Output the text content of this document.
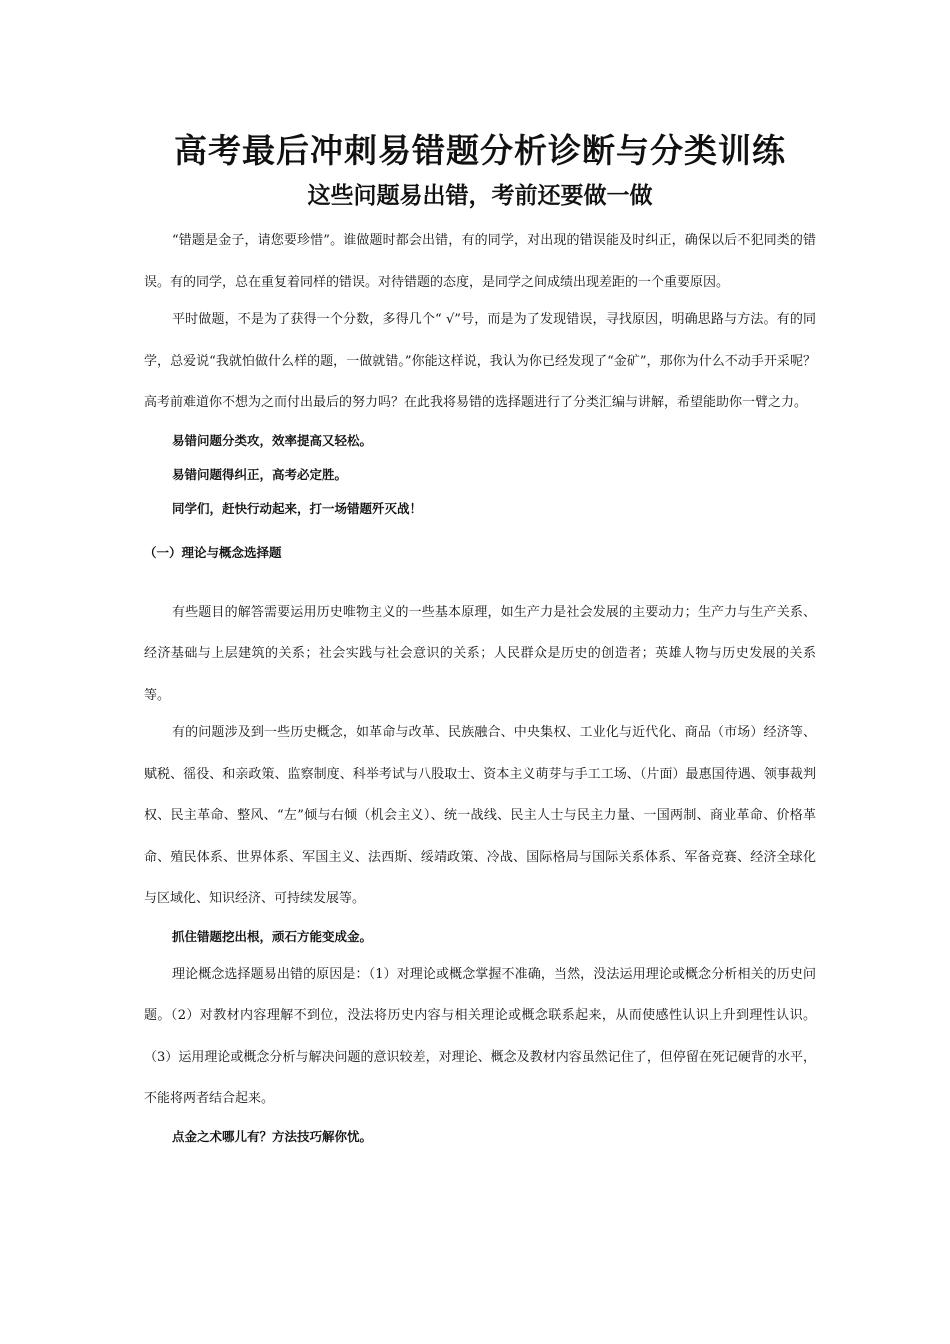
高考最后冲刺易错题分析诊断与分类训练
这些问题易出错，考前还要做一做

“错题是金子，请您要珍惜”。谁做题时都会出错，有的同学，对出现的错误能及时纠正，确保以后不犯同类的错误。有的同学，总在重复着同样的错误。对待错题的态度，是同学之间成绩出现差距的一个重要原因。

平时做题，不是为了获得一个分数，多得几个“ √”号，而是为了发现错误，寻找原因，明确思路与方法。有的同学，总爱说“我就怕做什么样的题，一做就错。”你能这样说，我认为你已经发现了“金矿”，那你为什么不动手开采呢？高考前难道你不想为之而付出最后的努力吗？在此我将易错的选择题进行了分类汇编与讲解，希望能助你一臂之力。

易错问题分类攻，效率提高又轻松。

易错问题得纠正，高考必定胜。

同学们，赶快行动起来，打一场错题歼灭战！

（一）理论与概念选择题

有些题目的解答需要运用历史唯物主义的一些基本原理，如生产力是社会发展的主要动力；生产力与生产关系、经济基础与上层建筑的关系；社会实践与社会意识的关系；人民群众是历史的创造者；英雄人物与历史发展的关系等。

有的问题涉及到一些历史概念，如革命与改革、民族融合、中央集权、工业化与近代化、商品（市场）经济等、赋税、徭役、和亲政策、监察制度、科举考试与八股取士、资本主义萌芽与手工工场、（片面）最惠国待遇、领事裁判权、民主革命、整风、“左”倾与右倾（机会主义）、统一战线、民主人士与民主力量、一国两制、商业革命、价格革命、殖民体系、世界体系、军国主义、法西斯、绥靖政策、冷战、国际格局与国际关系体系、军备竞赛、经济全球化与区域化、知识经济、可持续发展等。

抓住错题挖出根，顽石方能变成金。

理论概念选择题易出错的原因是：（1）对理论或概念掌握不准确，当然，没法运用理论或概念分析相关的历史问题。（2）对教材内容理解不到位，没法将历史内容与相关理论或概念联系起来，从而使感性认识上升到理性认识。（3）运用理论或概念分析与解决问题的意识较差，对理论、概念及教材内容虽然记住了，但停留在死记硬背的水平，不能将两者结合起来。

点金之术哪儿有？方法技巧解你忧。
